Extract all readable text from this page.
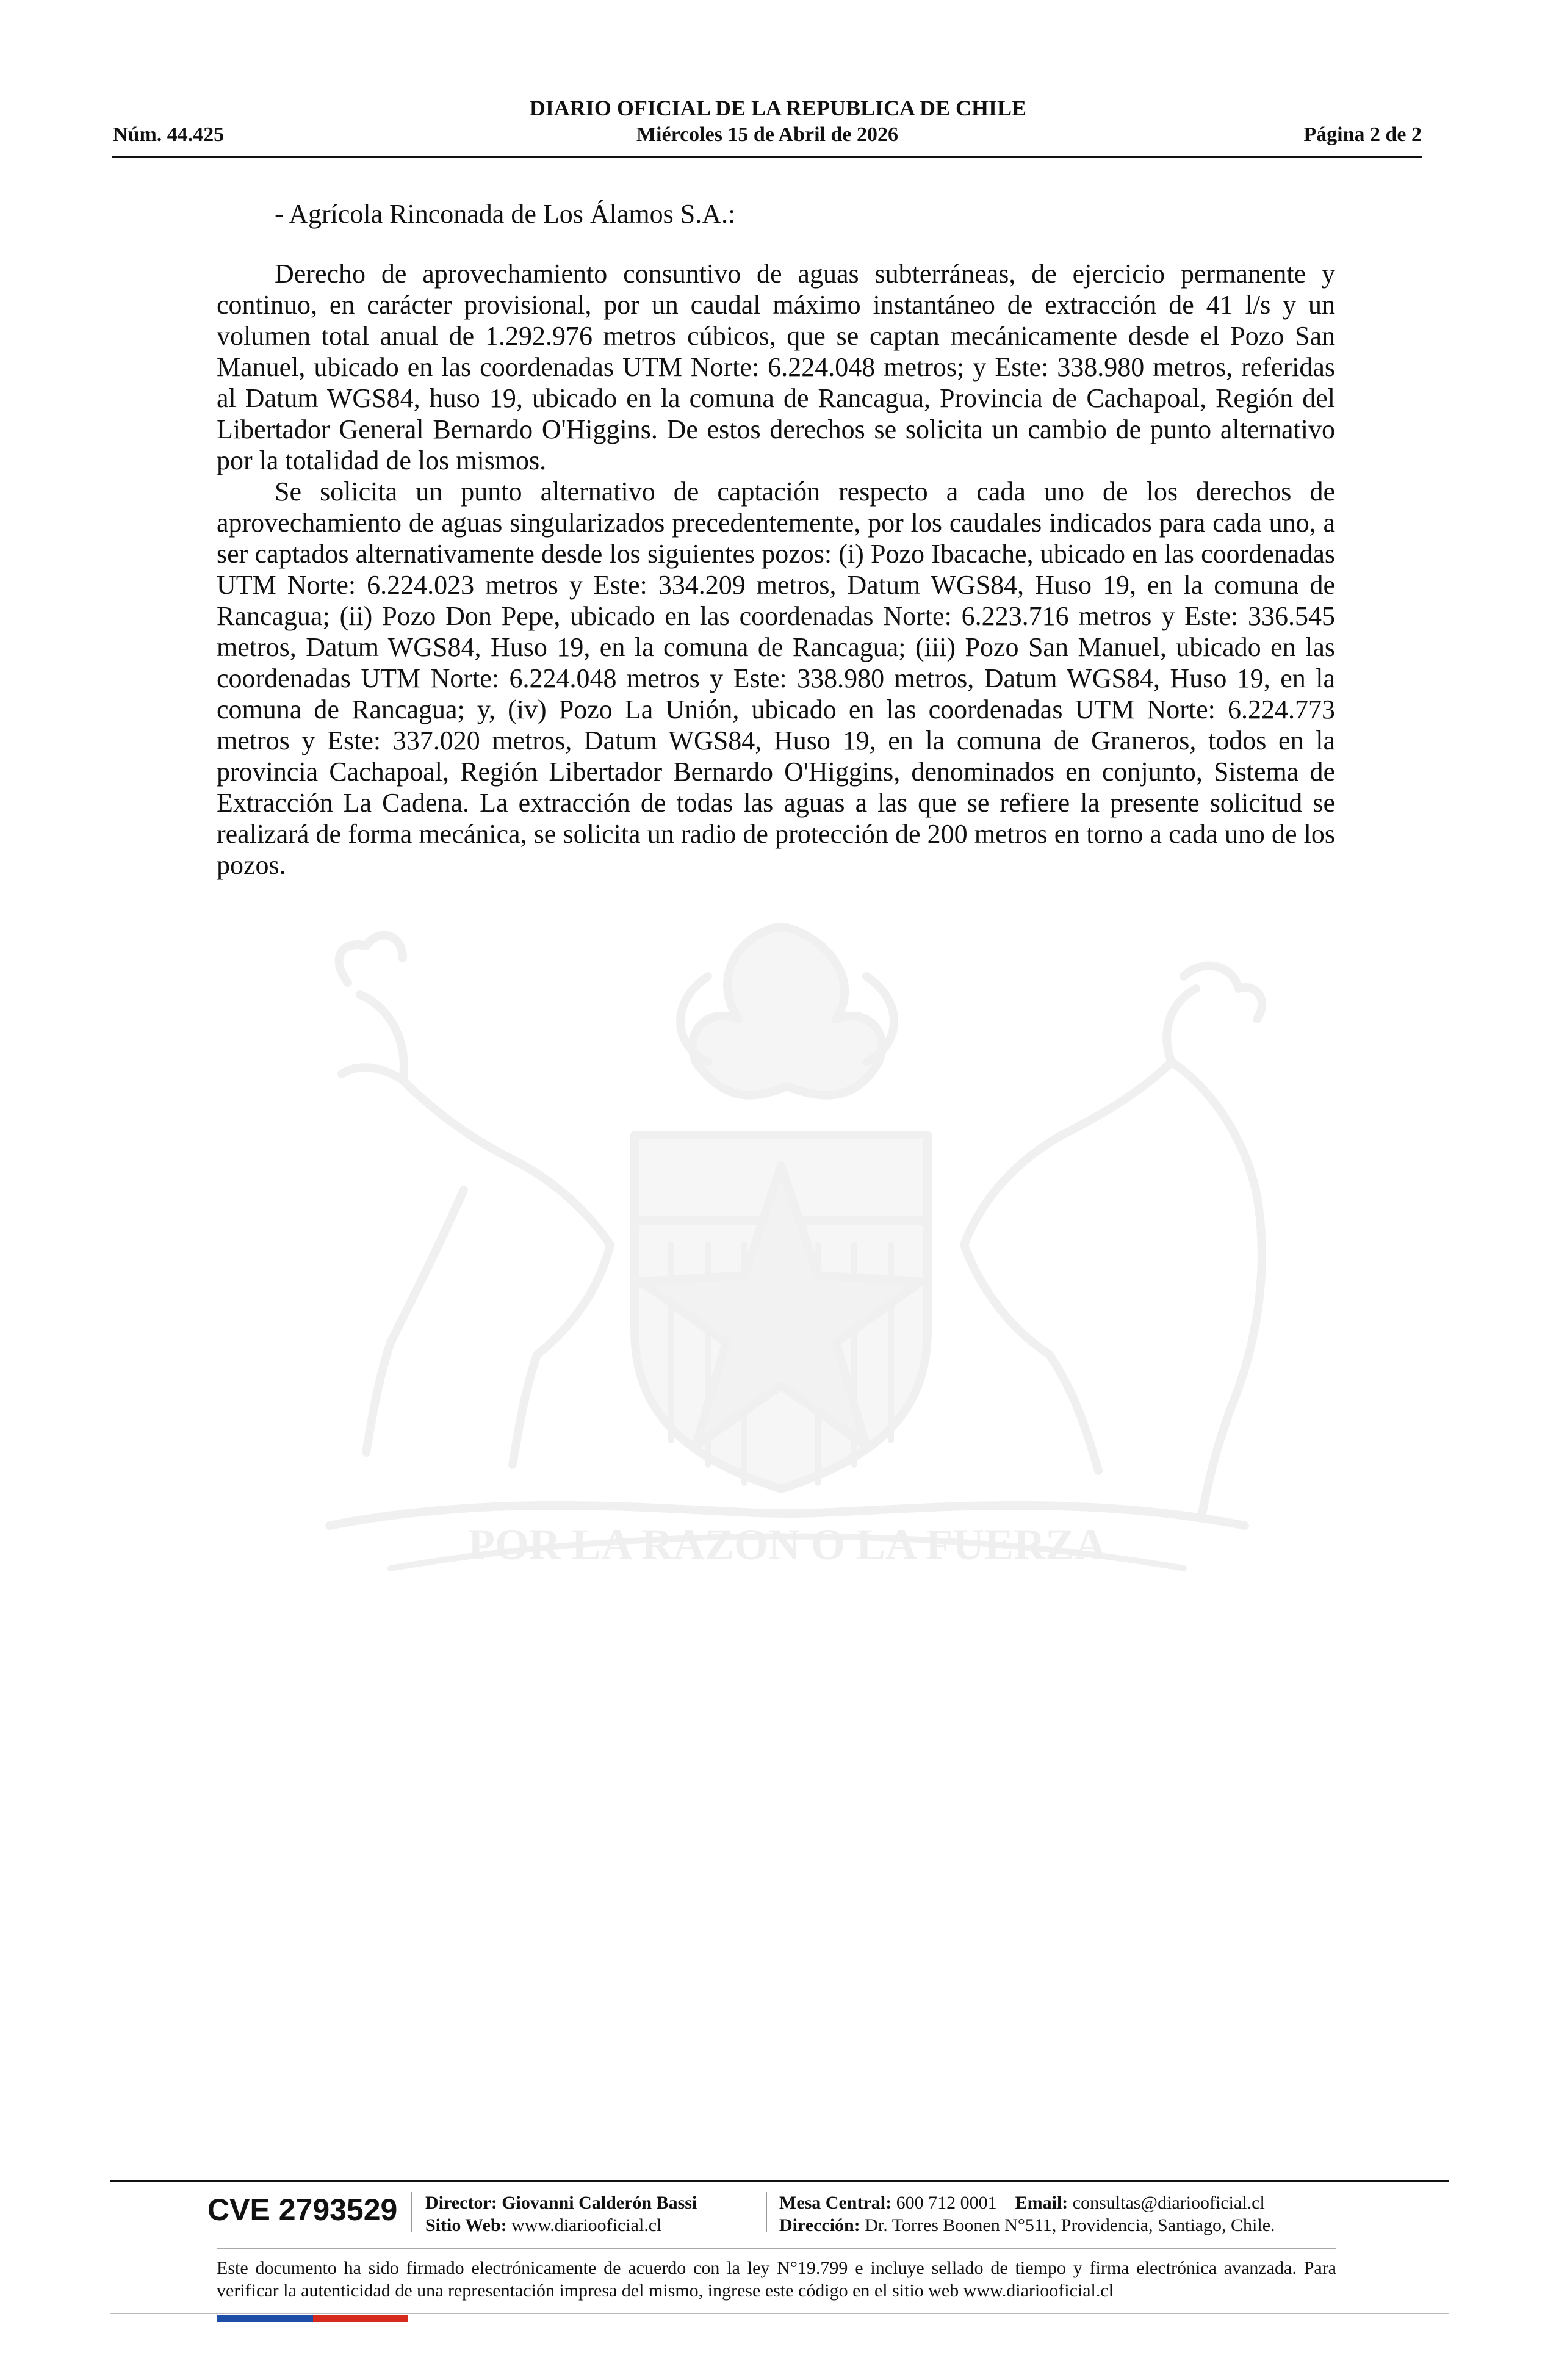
DIARIO OFICIAL DE LA REPUBLICA DE CHILE
Núm. 44.425	Miércoles 15 de Abril de 2026	Página 2 de 2
POR LA RAZON O LA FUERZA

- Agrícola Rinconada de Los Álamos S.A.:

Derecho de aprovechamiento consuntivo de aguas subterráneas, de ejercicio permanente y continuo, en carácter provisional, por un caudal máximo instantáneo de extracción de 41 l/s y un volumen total anual de 1.292.976 metros cúbicos, que se captan mecánicamente desde el Pozo San Manuel, ubicado en las coordenadas UTM Norte: 6.224.048 metros; y Este: 338.980 metros, referidas al Datum WGS84, huso 19, ubicado en la comuna de Rancagua, Provincia de Cachapoal, Región del Libertador General Bernardo O'Higgins. De estos derechos se solicita un cambio de punto alternativo por la totalidad de los mismos.

Se solicita un punto alternativo de captación respecto a cada uno de los derechos de aprovechamiento de aguas singularizados precedentemente, por los caudales indicados para cada uno, a ser captados alternativamente desde los siguientes pozos: (i) Pozo Ibacache, ubicado en las coordenadas UTM Norte: 6.224.023 metros y Este: 334.209 metros, Datum WGS84, Huso 19, en la comuna de Rancagua; (ii) Pozo Don Pepe, ubicado en las coordenadas Norte: 6.223.716 metros y Este: 336.545 metros, Datum WGS84, Huso 19, en la comuna de Rancagua; (iii) Pozo San Manuel, ubicado en las coordenadas UTM Norte: 6.224.048 metros y Este: 338.980 metros, Datum WGS84, Huso 19, en la comuna de Rancagua; y, (iv) Pozo La Unión, ubicado en las coordenadas UTM Norte: 6.224.773 metros y Este: 337.020 metros, Datum WGS84, Huso 19, en la comuna de Graneros, todos en la provincia Cachapoal, Región Libertador Bernardo O'Higgins, denominados en conjunto, Sistema de Extracción La Cadena. La extracción de todas las aguas a las que se refiere la presente solicitud se realizará de forma mecánica, se solicita un radio de protección de 200 metros en torno a cada uno de los pozos.

CVE 2793529	Director: Giovanni Calderón Bassi
Sitio Web: www.diariooficial.cl
Mesa Central: 600 712 0001 Email: consultas@diariooficial.cl
Dirección: Dr. Torres Boonen N°511, Providencia, Santiago, Chile.
Este documento ha sido firmado electrónicamente de acuerdo con la ley N°19.799 e incluye sellado de tiempo y firma electrónica avanzada. Para verificar la autenticidad de una representación impresa del mismo, ingrese este código en el sitio web www.diariooficial.cl
